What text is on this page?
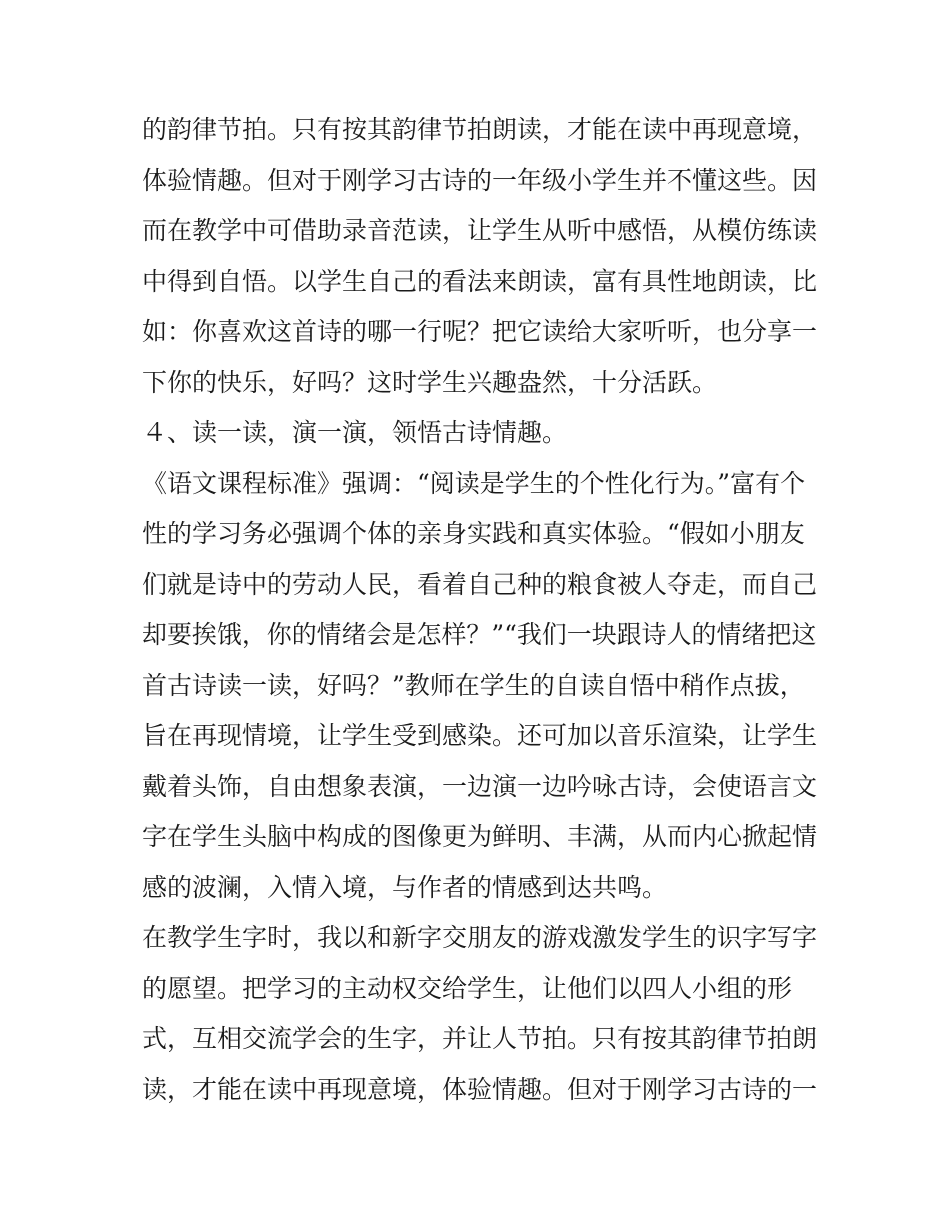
的韵律节拍。只有按其韵律节拍朗读，才能在读中再现意境，
体验情趣。但对于刚学习古诗的一年级小学生并不懂这些。因
而在教学中可借助录音范读，让学生从听中感悟，从模仿练读
中得到自悟。以学生自己的看法来朗读，富有具性地朗读，比
如：你喜欢这首诗的哪一行呢？把它读给大家听听，也分享一
下你的快乐，好吗？这时学生兴趣盎然，十分活跃。
４、读一读，演一演，领悟古诗情趣。
《语文课程标准》强调：“阅读是学生的个性化行为。”富有个
性的学习务必强调个体的亲身实践和真实体验。“假如小朋友
们就是诗中的劳动人民，看着自己种的粮食被人夺走，而自己
却要挨饿，你的情绪会是怎样？”“我们一块跟诗人的情绪把这
首古诗读一读，好吗？”教师在学生的自读自悟中稍作点拔，
旨在再现情境，让学生受到感染。还可加以音乐渲染，让学生
戴着头饰，自由想象表演，一边演一边吟咏古诗，会使语言文
字在学生头脑中构成的图像更为鲜明、丰满，从而内心掀起情
感的波澜，入情入境，与作者的情感到达共鸣。
在教学生字时，我以和新字交朋友的游戏激发学生的识字写字
的愿望。把学习的主动权交给学生，让他们以四人小组的形
式，互相交流学会的生字，并让人节拍。只有按其韵律节拍朗
读，才能在读中再现意境，体验情趣。但对于刚学习古诗的一
